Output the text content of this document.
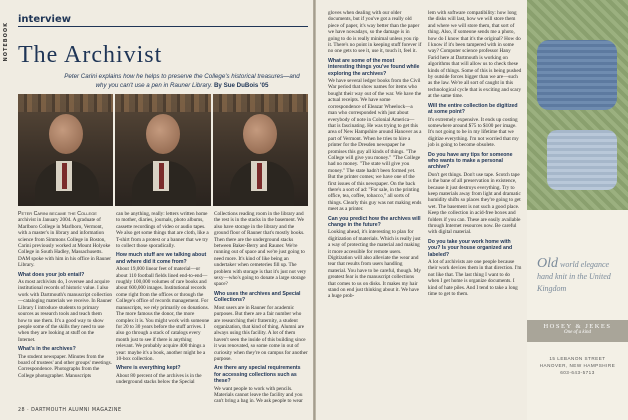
NOTEBOOK
interview
The Archivist
Peter Carini explains how he helps to preserve the College's historical treasures—and why you can't use a pen in Rauner Library. By Sue DuBois '05

Peter Carini became the College archivist in January 2004. A graduate of Marlboro College in Marlboro, Vermont, with a master's in library and information science from Simmons College in Boston, Carini previously worked at Mount Holyoke College in South Hadley, Massachusetts. DAM spoke with him in his office in Rauner Library.

What does your job entail?

As most archivists do, I oversee and acquire institutional records of historic value. I also work with Dartmouth's manuscript collection—cataloging materials we receive. In Rauner Library I introduce students to primary sources as research tools and teach them how to use them. It's a good way to show people some of the skills they need to use when they are looking at stuff on the Internet.

What's in the archives?

The student newspaper. Minutes from the board of trustees' and other groups' meetings. Correspondence. Photographs from the College photographer. Manuscripts

can be anything, really: letters written home to mother, diaries, journals, photo albums, cassette recordings of video or audio tapes. We also get some things that are cloth, like a T-shirt from a protest or a banner that we try to collect those sporadically.

How much stuff are we talking about and where did it come from?

About 19,000 linear feet of material—or about 110 football fields lined end-to-end—roughly 100,000 volumes of rare books and about 600,000 images. Institutional records come right from the offices or through the College's office of records management. For manuscripts, we rely primarily on donations. The more famous the donor, the more complex it is. You might work with someone for 20 to 30 years before the stuff arrives. I also go through a stack of catalogs every month just to see if there is anything relevant. We probably acquire 400 things a year: maybe it's a book, another might be a 10-box collection.

Where is everything kept?

About 80 percent of the archives is in the underground stacks below the Special

Collections reading room in the library and the rest is in the stacks in the basement. We also have storage in the library and the ground floor of Rauner that's mostly books. Then there are the underground stacks between Baker-Berry and Rauner. We're running out of space and we're just going to need more. It's kind of like being an undertaker when cemeteries fill up. The problem with storage is that it's just not very sexy—who's going to donate a large storage space?

Who uses the archives and Special Collections?

Most users are in Rauner for academic purposes. But there are a fair number who are researching their fraternity, a student organization, that kind of thing. Alumni are always using this facility. A lot of them haven't seen the inside of this building since it was renovated, so some come in out of curiosity when they're on campus for another purpose.

Are there any special requirements for accessing collections such as these?

We want people to work with pencils. Materials cannot leave the facility and you can't bring a bag in. We ask people to wear

28 · DARTMOUTH ALUMNI MAGAZINE

gloves when dealing with our older documents, but if you've got a really old piece of paper, it's way better than the paper we have nowadays, so the damage is in going to do is really minimal unless you rip it. There's no point in keeping stuff forever if no one gets to see it, use it, touch it, feel it.

What are some of the most interesting things you've found while exploring the archives?

We have several ledger books from the Civil War period that show names for items who bought their way out of the war. We have the actual receipts. We have some correspondence of Eleazar Wheelock—a man who corresponded with just about everybody of note in Colonial America—that is fascinating. He was trying to get this area of New Hampshire around Hanover as a part of Vermont. When he tries to hire a printer for the Dresden newspaper he promises this guy all kinds of things. "The College will give you money." "The College had no money. "The state will give you money." The state hadn't been formed yet. But the printer comes; we have one of the first issues of this newspaper. On the back there's a sort of ad: "For sale, in the printing office, tea, coffee, tobacco," all sorts of things. Clearly this guy was not making ends meet as a printer.

Can you predict how the archives will change in the future?

Looking ahead, it's interesting to plan for digitization of materials. Which is really just a way of protecting the material and making it more accessible for remote users. Digitization will also alleviate the wear and tear that results from users handling material. You have to be careful, though. My greatest fear is the manuscript collections that comes to us on disks. It makes my hair stand on end just thinking about it. We have a huge prob-

lem with software compatibility: how long the disks will last, how we will store them and where we will store them, that sort of thing. Also, if someone sends me a photo, how do I know that it's the original? How do I know if it's been tampered with in some way? Computer science professor Hany Farid here at Dartmouth is working on algorithms that will allow us to check these kinds of things. Some of this is being pushed by outside forces bigger than we are—such as the law. We're all sort of caught in this technological cycle that is exciting and scary at the same time.

Will the entire collection be digitized at some point?

It's extremely expensive. It ends up costing somewhere around $75 to $100 per image. It's not going to be in my lifetime that we digitize everything. I'm not worried that my job is going to become obsolete.

Do you have any tips for someone who wants to make a personal archive?

Don't get things. Don't use tape. Scotch tape is the bane of all preservation in existence, because it just destroys everything. Try to keep materials away from light and dramatic humidity shifts so places they're going to get wet. The basement is not such a good place. Keep the collection in acid-free boxes and folders if you can. These are easily available through Internet resources now. Be careful with digital material.

Do you take your work home with you? Is your house organized and labeled?

A lot of archivists are one people because their work devices them in that direction. I'm not like that. The last thing I want to do when I get home is organize documents. I kind of hate piles. And I tend to take a long time to get to them.

Old world elegance hand knit in the United Kingdom
HOSEY & JEKES
One of a kind
15 LEBANON STREET
HANOVER, NEW HAMPSHIRE
603-643-5713
